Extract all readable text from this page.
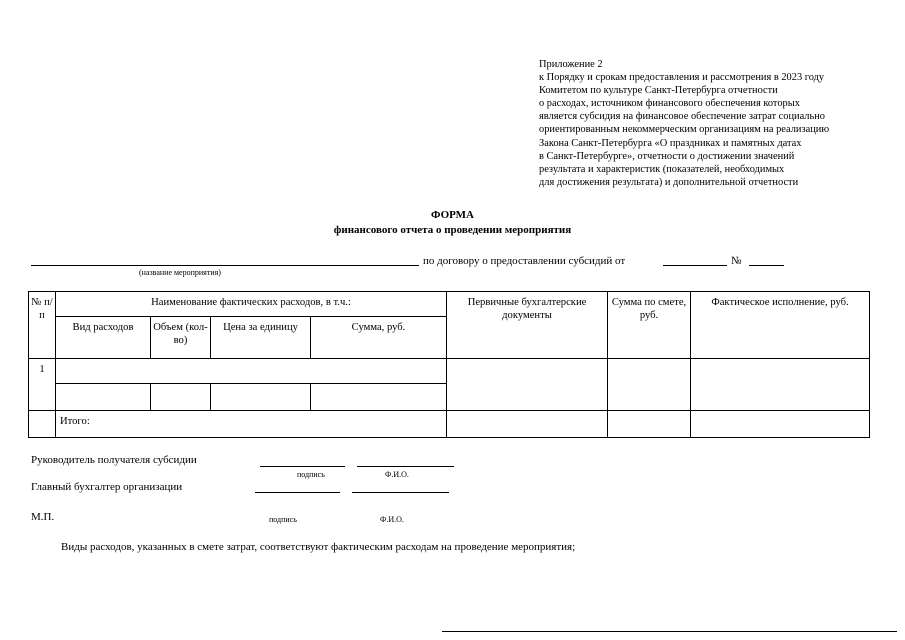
Приложение 2
к Порядку и срокам предоставления и рассмотрения в 2023 году
Комитетом по культуре Санкт-Петербурга отчетности
о расходах, источником финансового обеспечения которых
является субсидия на финансовое обеспечение затрат социально
ориентированным некоммерческим организациям на реализацию
Закона Санкт-Петербурга «О праздниках и памятных датах
в Санкт-Петербурге», отчетности о достижении значений
результата и характеристик (показателей, необходимых
для достижения результата) и дополнительной отчетности
ФОРМА
финансового отчета о проведении мероприятия
по договору о предоставлении субсидий от	№
(название мероприятия)
№ п/п	Наименование фактических расходов, в т.ч.:				Первичные бухгалтерские документы	Сумма по смете, руб.	Фактическое исполнение, руб.
	Вид расходов	Объем (кол-во)	Цена за единицу	Сумма, руб.			
1							

	Итого:						
Руководитель получателя субсидии
подпись	Ф.И.О.
Главный бухгалтер организации
М.П.	подпись	Ф.И.О.
Виды расходов, указанных в смете затрат, соответствуют фактическим расходам на проведение мероприятия;
